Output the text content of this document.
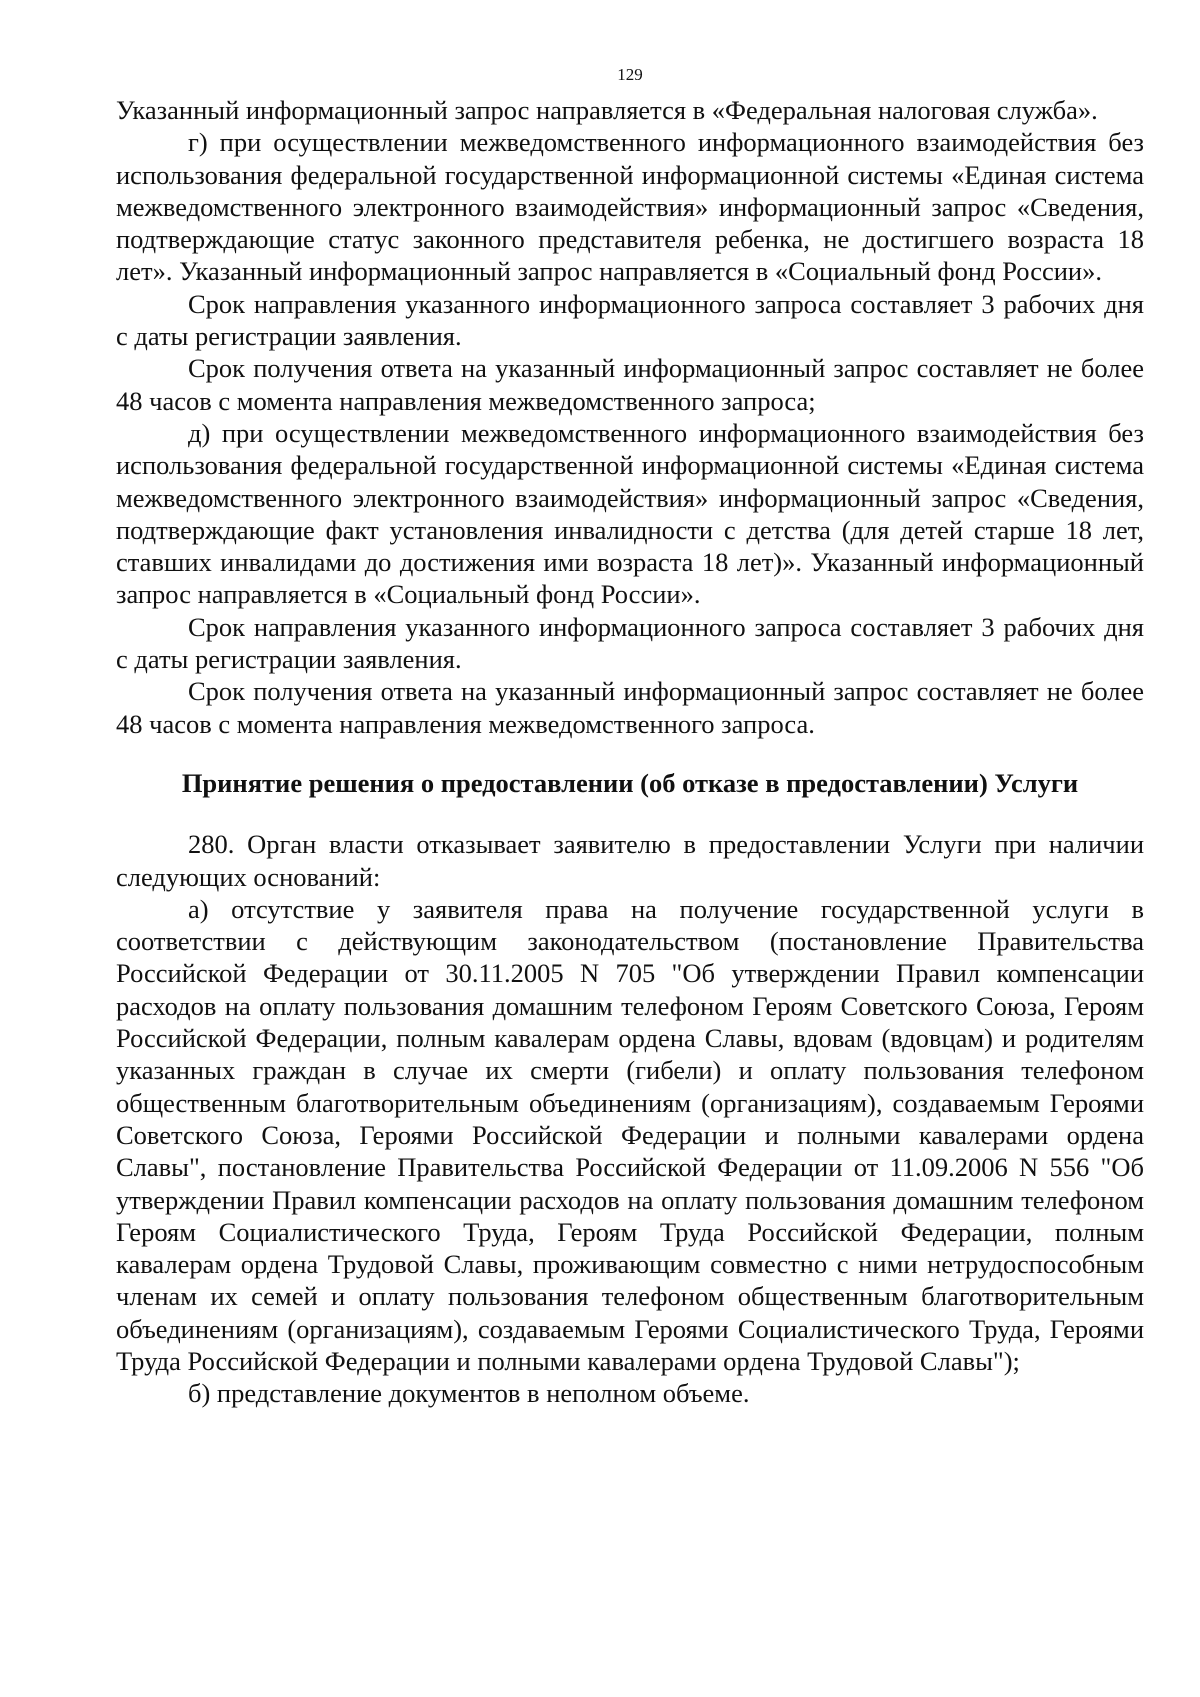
129

Указанный информационный запрос направляется в «Федеральная налоговая служба».

г) при осуществлении межведомственного информационного взаимодействия без использования федеральной государственной информационной системы «Единая система межведомственного электронного взаимодействия» информационный запрос «Сведения, подтверждающие статус законного представителя ребенка, не достигшего возраста 18 лет». Указанный информационный запрос направляется в «Социальный фонд России».

Срок направления указанного информационного запроса составляет 3 рабочих дня с даты регистрации заявления.

Срок получения ответа на указанный информационный запрос составляет не более 48 часов с момента направления межведомственного запроса;

д) при осуществлении межведомственного информационного взаимодействия без использования федеральной государственной информационной системы «Единая система межведомственного электронного взаимодействия» информационный запрос «Сведения, подтверждающие факт установления инвалидности с детства (для детей старше 18 лет, ставших инвалидами до достижения ими возраста 18 лет)». Указанный информационный запрос направляется в «Социальный фонд России».

Срок направления указанного информационного запроса составляет 3 рабочих дня с даты регистрации заявления.

Срок получения ответа на указанный информационный запрос составляет не более 48 часов с момента направления межведомственного запроса.

Принятие решения о предоставлении (об отказе в предоставлении) Услуги

280. Орган власти отказывает заявителю в предоставлении Услуги при наличии следующих оснований:

а) отсутствие у заявителя права на получение государственной услуги в соответствии с действующим законодательством (постановление Правительства Российской Федерации от 30.11.2005 N 705 "Об утверждении Правил компенсации расходов на оплату пользования домашним телефоном Героям Советского Союза, Героям Российской Федерации, полным кавалерам ордена Славы, вдовам (вдовцам) и родителям указанных граждан в случае их смерти (гибели) и оплату пользования телефоном общественным благотворительным объединениям (организациям), создаваемым Героями Советского Союза, Героями Российской Федерации и полными кавалерами ордена Славы", постановление Правительства Российской Федерации от 11.09.2006 N 556 "Об утверждении Правил компенсации расходов на оплату пользования домашним телефоном Героям Социалистического Труда, Героям Труда Российской Федерации, полным кавалерам ордена Трудовой Славы, проживающим совместно с ними нетрудоспособным членам их семей и оплату пользования телефоном общественным благотворительным объединениям (организациям), создаваемым Героями Социалистического Труда, Героями Труда Российской Федерации и полными кавалерами ордена Трудовой Славы");

б) представление документов в неполном объеме.
